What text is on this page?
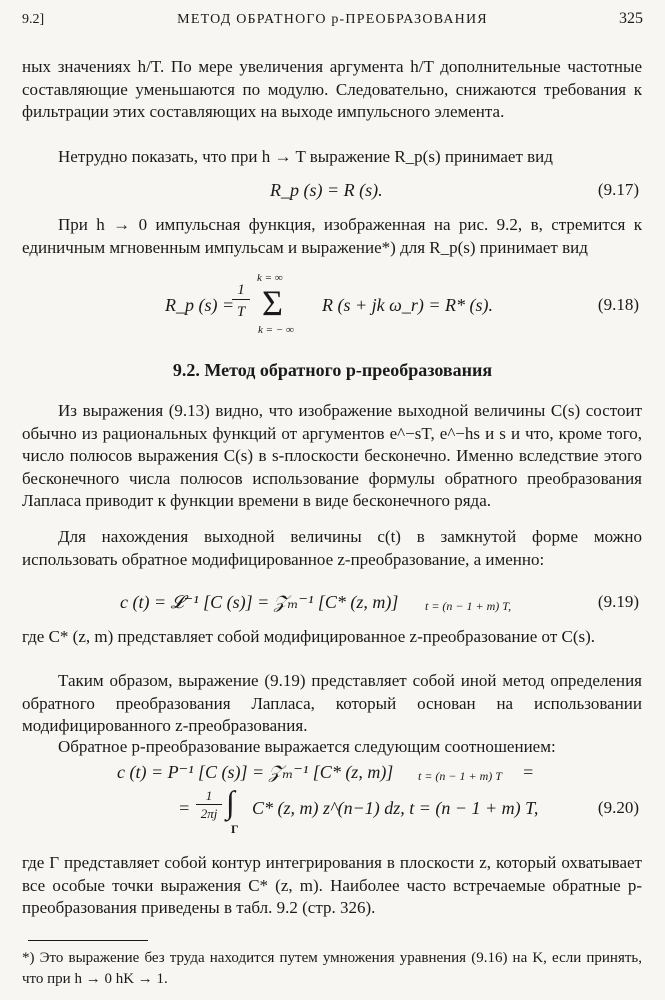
9.2]	МЕТОД ОБРАТНОГО p-ПРЕОБРАЗОВАНИЯ	325
ных значениях h/T. По мере увеличения аргумента h/T дополнительные частотные составляющие уменьшаются по модулю. Следовательно, снижаются требования к фильтрации этих составляющих на выходе импульсного элемента.
Нетрудно показать, что при h → T выражение R_p(s) принимает вид
R_p (s) = R (s).	(9.17)
При h → 0 импульсная функция, изображенная на рис. 9.2, в, стремится к единичным мгновенным импульсам и выражение*) для R_p(s) принимает вид
R_p (s) =
1
T
k = ∞
Σ
k = − ∞
R (s + jk ω_r) = R* (s).	(9.18)
9.2. Метод обратного p-преобразования
Из выражения (9.13) видно, что изображение выходной величины C(s) состоит обычно из рациональных функций от аргументов e^−sT, e^−hs и s и что, кроме того, число полюсов выражения C(s) в s-плоскости бесконечно. Именно вследствие этого бесконечного числа полюсов использование формулы обратного преобразования Лапласа приводит к функции времени в виде бесконечного ряда.
Для нахождения выходной величины c(t) в замкнутой форме можно использовать обратное модифицированное z-преобразование, а именно:
c (t) = 𝓛⁻¹ [C (s)] = 𝒵ₘ⁻¹ [C* (z, m)] t = (n − 1 + m) T,	(9.19)
где C* (z, m) представляет собой модифицированное z-преобразование от C(s).
Таким образом, выражение (9.19) представляет собой иной метод определения обратного преобразования Лапласа, который основан на использовании модифицированного z-преобразования.
Обратное p-преобразование выражается следующим соотношением:
c (t) = P⁻¹ [C (s)] = 𝒵ₘ⁻¹ [C* (z, m)] t = (n − 1 + m) T =
=
1
2πj ∫
Γ
C* (z, m) z^(n−1) dz, t = (n − 1 + m) T,	(9.20)
где Γ представляет собой контур интегрирования в плоскости z, который охватывает все особые точки выражения C* (z, m). Наиболее часто встречаемые обратные p-преобразования приведены в табл. 9.2 (стр. 326).
*) Это выражение без труда находится путем умножения уравнения (9.16) на K, если принять, что при h → 0 hK → 1.
